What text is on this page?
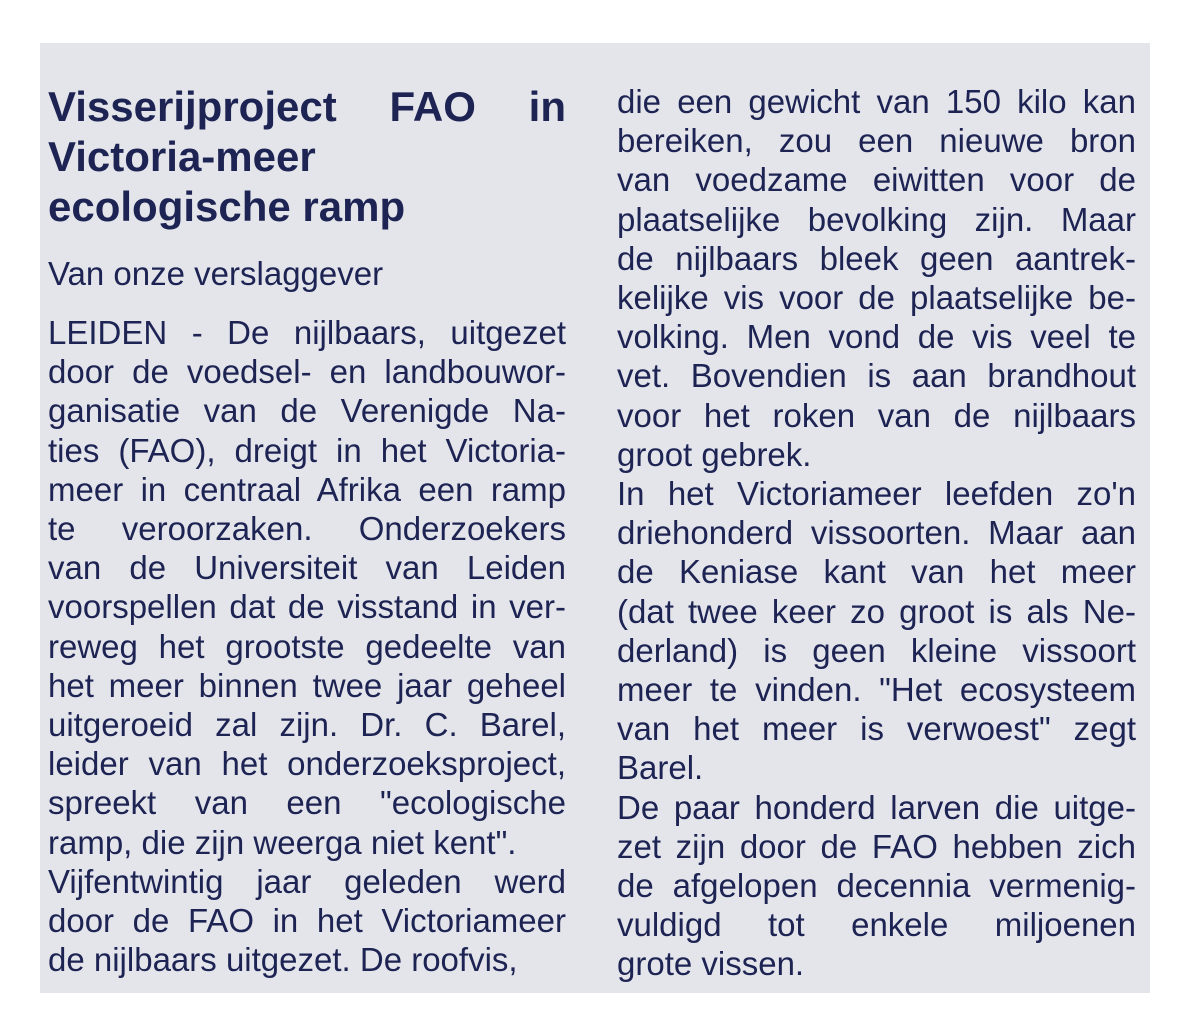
Visserijproject FAO in
Victoria-meer
ecologische ramp
Van onze verslaggever
LEIDEN - De nijlbaars, uitgezet
door de voedsel- en landbouwor-
ganisatie van de Verenigde Na-
ties (FAO), dreigt in het Victoria-
meer in centraal Afrika een ramp
te veroorzaken. Onderzoekers
van de Universiteit van Leiden
voorspellen dat de visstand in ver-
reweg het grootste gedeelte van
het meer binnen twee jaar geheel
uitgeroeid zal zijn. Dr. C. Barel,
leider van het onderzoeksproject,
spreekt van een "ecologische
ramp, die zijn weerga niet kent".
Vijfentwintig jaar geleden werd
door de FAO in het Victoriameer
de nijlbaars uitgezet. De roofvis,
die een gewicht van 150 kilo kan
bereiken, zou een nieuwe bron
van voedzame eiwitten voor de
plaatselijke bevolking zijn. Maar
de nijlbaars bleek geen aantrek-
kelijke vis voor de plaatselijke be-
volking. Men vond de vis veel te
vet. Bovendien is aan brandhout
voor het roken van de nijlbaars
groot gebrek.
In het Victoriameer leefden zo'n
driehonderd vissoorten. Maar aan
de Keniase kant van het meer
(dat twee keer zo groot is als Ne-
derland) is geen kleine vissoort
meer te vinden. "Het ecosysteem
van het meer is verwoest" zegt
Barel.
De paar honderd larven die uitge-
zet zijn door de FAO hebben zich
de afgelopen decennia vermenig-
vuldigd tot enkele miljoenen
grote vissen.
